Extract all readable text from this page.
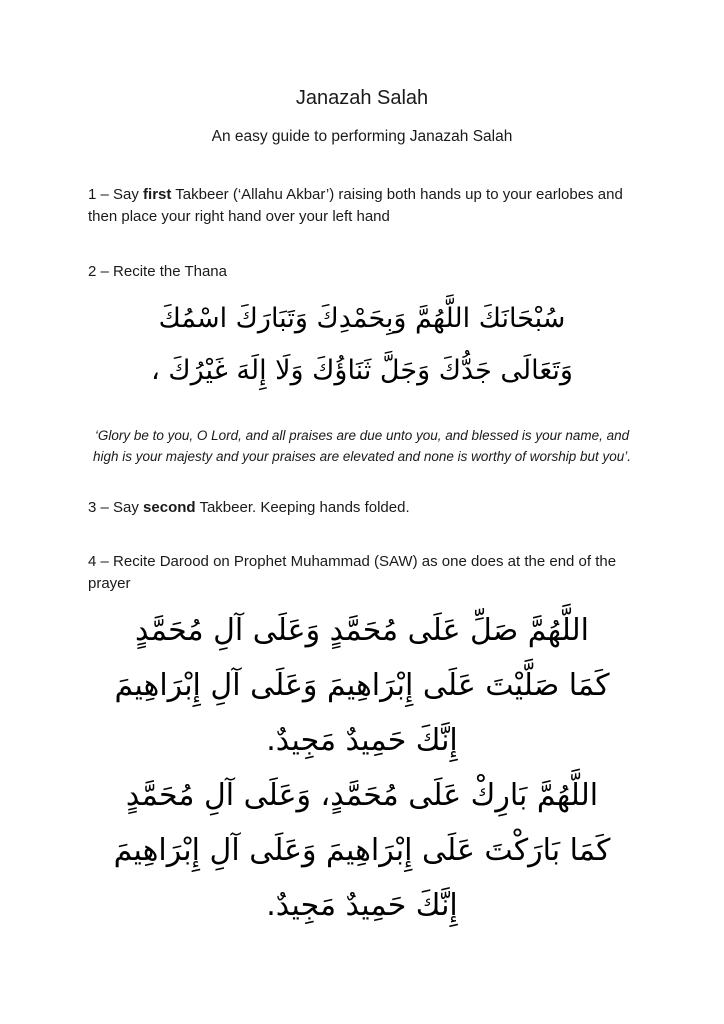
Janazah Salah
An easy guide to performing Janazah Salah

1 – Say first Takbeer (‘Allahu Akbar’) raising both hands up to your earlobes and then place your right hand over your left hand

2 – Recite the Thana

سُبْحَانَكَ اللَّهُمَّ وَبِحَمْدِكَ وَتَبَارَكَ اسْمُكَ
وَتَعَالَى جَدُّكَ وَجَلَّ ثَنَاؤُكَ وَلَا إِلَهَ غَيْرُكَ ،

‘Glory be to you, O Lord, and all praises are due unto you, and blessed is your name, and high is your majesty and your praises are elevated and none is worthy of worship but you’.

3 – Say second Takbeer. Keeping hands folded.

4 – Recite Darood on Prophet Muhammad (SAW) as one does at the end of the prayer

اللَّهُمَّ صَلِّ عَلَى مُحَمَّدٍ وَعَلَى آلِ مُحَمَّدٍ
كَمَا صَلَّيْتَ عَلَى إِبْرَاهِيمَ وَعَلَى آلِ إِبْرَاهِيمَ
إِنَّكَ حَمِيدٌ مَجِيدٌ.
اللَّهُمَّ بَارِكْ عَلَى مُحَمَّدٍ، وَعَلَى آلِ مُحَمَّدٍ
كَمَا بَارَكْتَ عَلَى إِبْرَاهِيمَ وَعَلَى آلِ إِبْرَاهِيمَ
إِنَّكَ حَمِيدٌ مَجِيدٌ.
